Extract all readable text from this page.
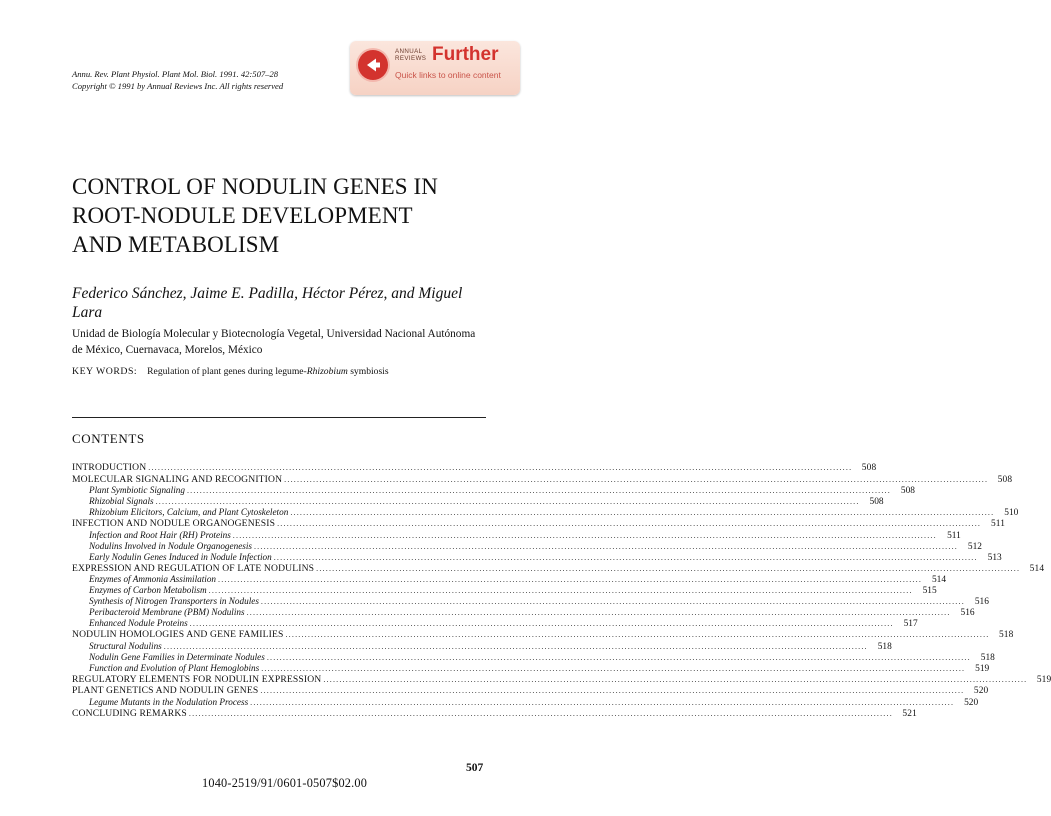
Annu. Rev. Plant Physiol. Plant Mol. Biol. 1991. 42:507–28
Copyright © 1991 by Annual Reviews Inc. All rights reserved
ANNUAL
REVIEWS Further
Quick links to online content
CONTROL OF NODULIN GENES IN
ROOT-NODULE DEVELOPMENT
AND METABOLISM
Federico Sánchez, Jaime E. Padilla, Héctor Pérez, and Miguel Lara
Unidad de Biología Molecular y Biotecnología Vegetal, Universidad Nacional Autónoma de México, Cuernavaca, Morelos, México
KEY WORDS: Regulation of plant genes during legume-Rhizobium symbiosis
CONTENTS
INTRODUCTION ............................................................................................................................................................................................................................	508
MOLECULAR SIGNALING AND RECOGNITION ............................................................................................................................................................................................................................	508
Plant Symbiotic Signaling ............................................................................................................................................................................................................................	508
Rhizobial Signals ............................................................................................................................................................................................................................	508
Rhizobium Elicitors, Calcium, and Plant Cytoskeleton ............................................................................................................................................................................................................................	510
INFECTION AND NODULE ORGANOGENESIS ............................................................................................................................................................................................................................	511
Infection and Root Hair (RH) Proteins ............................................................................................................................................................................................................................	511
Nodulins Involved in Nodule Organogenesis ............................................................................................................................................................................................................................	512
Early Nodulin Genes Induced in Nodule Infection ............................................................................................................................................................................................................................	513
EXPRESSION AND REGULATION OF LATE NODULINS ............................................................................................................................................................................................................................	514
Enzymes of Ammonia Assimilation ............................................................................................................................................................................................................................	514
Enzymes of Carbon Metabolism ............................................................................................................................................................................................................................	515
Synthesis of Nitrogen Transporters in Nodules ............................................................................................................................................................................................................................	516
Peribacteroid Membrane (PBM) Nodulins ............................................................................................................................................................................................................................	516
Enhanced Nodule Proteins ............................................................................................................................................................................................................................	517
NODULIN HOMOLOGIES AND GENE FAMILIES ............................................................................................................................................................................................................................	518
Structural Nodulins ............................................................................................................................................................................................................................	518
Nodulin Gene Families in Determinate Nodules ............................................................................................................................................................................................................................	518
Function and Evolution of Plant Hemoglobins ............................................................................................................................................................................................................................	519
REGULATORY ELEMENTS FOR NODULIN EXPRESSION ............................................................................................................................................................................................................................	519
PLANT GENETICS AND NODULIN GENES ............................................................................................................................................................................................................................	520
Legume Mutants in the Nodulation Process ............................................................................................................................................................................................................................	520
CONCLUDING REMARKS ............................................................................................................................................................................................................................	521
507
1040-2519/91/0601-0507$02.00
